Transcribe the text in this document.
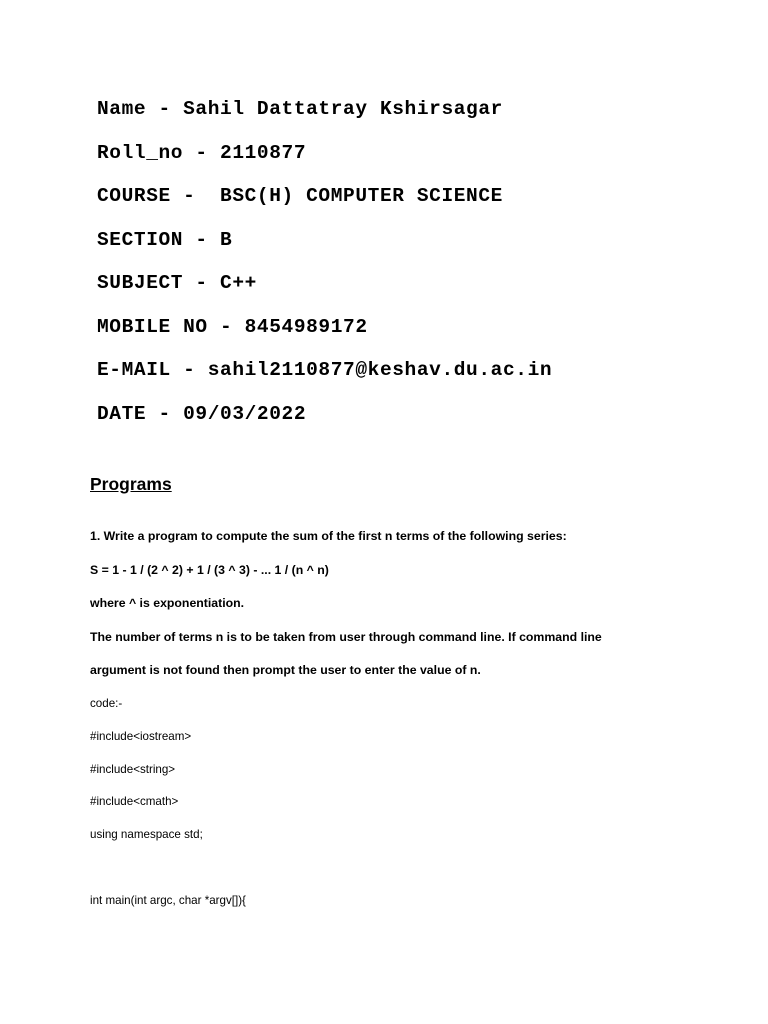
Name - Sahil Dattatray Kshirsagar
Roll_no - 2110877
COURSE -  BSC(H) COMPUTER SCIENCE
SECTION - B
SUBJECT - C++
MOBILE NO - 8454989172
E-MAIL - sahil2110877@keshav.du.ac.in
DATE - 09/03/2022
Programs
1. Write a program to compute the sum of the first n terms of the following series:
S = 1 - 1 / (2 ^ 2) + 1 / (3 ^ 3) - ... 1 / (n ^ n)
where ^ is exponentiation.
The number of terms n is to be taken from user through command line. If command line
argument is not found then prompt the user to enter the value of n.
code:-
#include<iostream>
#include<string>
#include<cmath>
using namespace std;

int main(int argc, char *argv[]){
